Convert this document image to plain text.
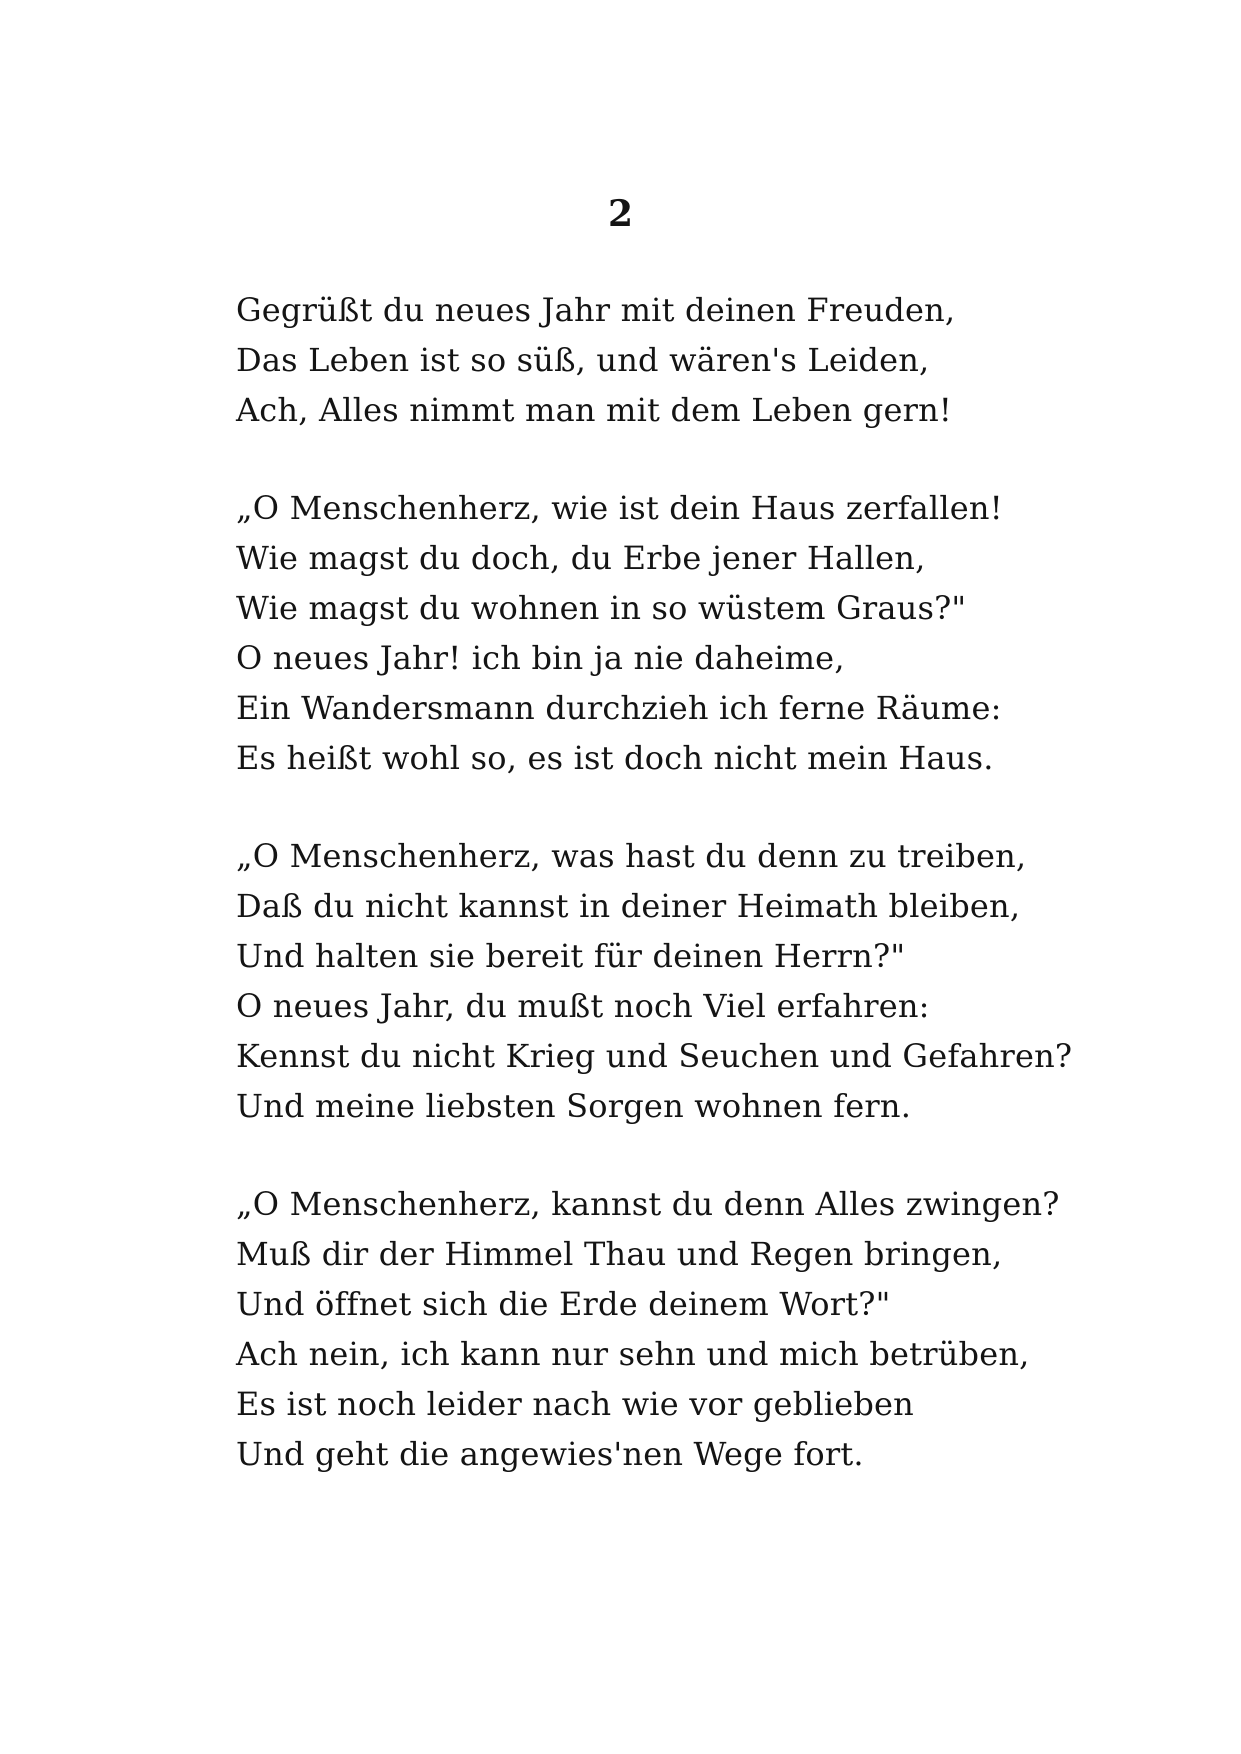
2
Gegrüßt du neues Jahr mit deinen Freuden,
Das Leben ist so süß, und wären's Leiden,
Ach, Alles nimmt man mit dem Leben gern!
„O Menschenherz, wie ist dein Haus zerfallen!
Wie magst du doch, du Erbe jener Hallen,
Wie magst du wohnen in so wüstem Graus?"
O neues Jahr! ich bin ja nie daheime,
Ein Wandersmann durchzieh ich ferne Räume:
Es heißt wohl so, es ist doch nicht mein Haus.
„O Menschenherz, was hast du denn zu treiben,
Daß du nicht kannst in deiner Heimath bleiben,
Und halten sie bereit für deinen Herrn?"
O neues Jahr, du mußt noch Viel erfahren:
Kennst du nicht Krieg und Seuchen und Gefahren?
Und meine liebsten Sorgen wohnen fern.
„O Menschenherz, kannst du denn Alles zwingen?
Muß dir der Himmel Thau und Regen bringen,
Und öffnet sich die Erde deinem Wort?"
Ach nein, ich kann nur sehn und mich betrüben,
Es ist noch leider nach wie vor geblieben
Und geht die angewies'nen Wege fort.
